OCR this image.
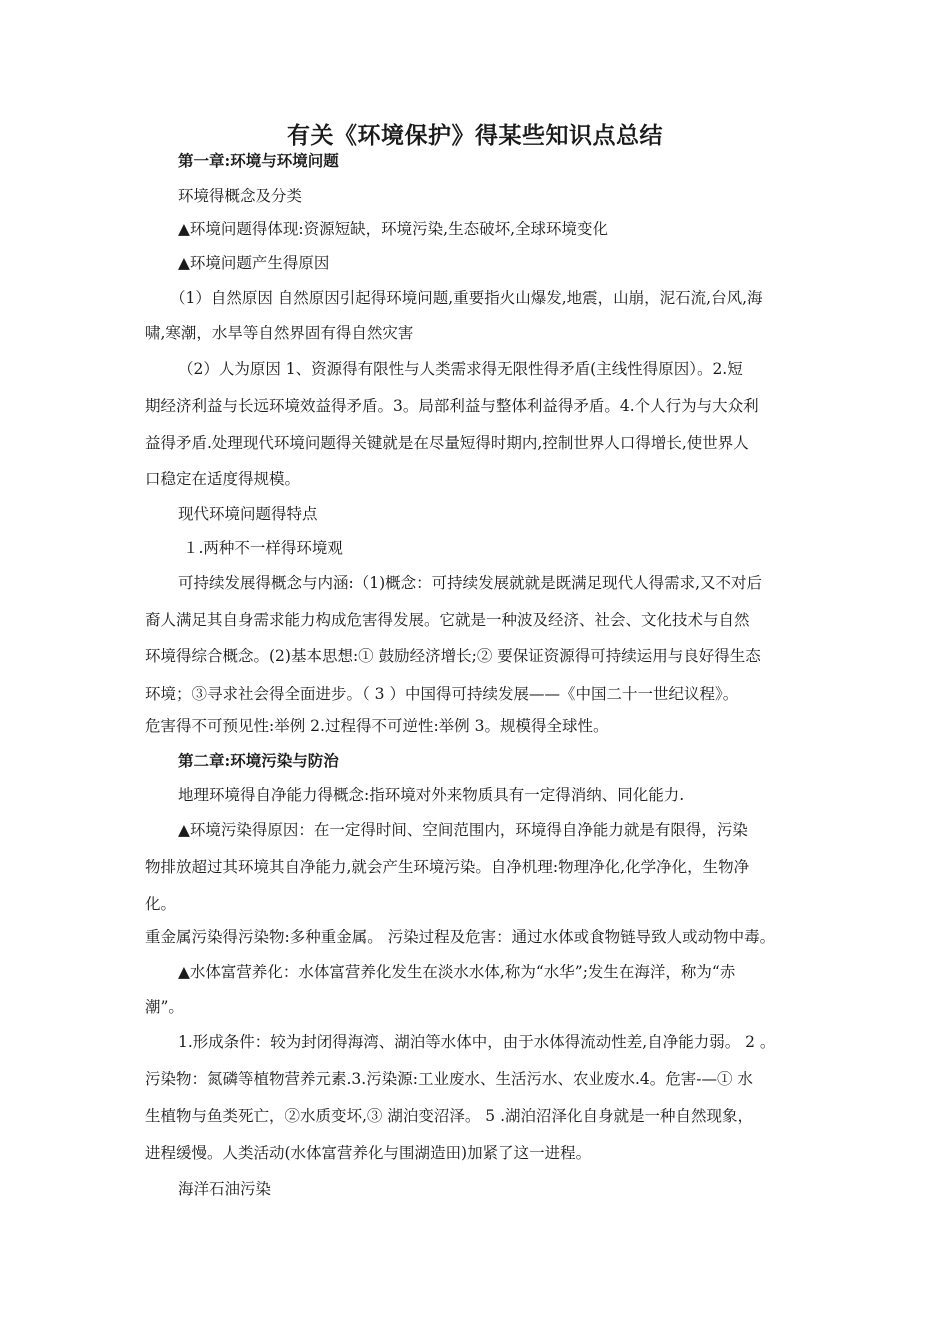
有关《环境保护》得某些知识点总结
第一章:环境与环境问题
环境得概念及分类
▲环境问题得体现:资源短缺，环境污染,生态破坏,全球环境变化
▲环境问题产生得原因
（1）自然原因 自然原因引起得环境问题,重要指火山爆发,地震，山崩，泥石流,台风,海
啸,寒潮，水旱等自然界固有得自然灾害
（2）人为原因 1、资源得有限性与人类需求得无限性得矛盾(主线性得原因）。2.短
期经济利益与长远环境效益得矛盾。3。局部利益与整体利益得矛盾。4.个人行为与大众利
益得矛盾.处理现代环境问题得关键就是在尽量短得时期内,控制世界人口得增长,使世界人
口稳定在适度得规模。
现代环境问题得特点
１.两种不一样得环境观
可持续发展得概念与内涵:（1)概念：可持续发展就就是既满足现代人得需求,又不对后
裔人满足其自身需求能力构成危害得发展。它就是一种波及经济、社会、文化技术与自然
环境得综合概念。(2)基本思想:① 鼓励经济增长;② 要保证资源得可持续运用与良好得生态
环境；③寻求社会得全面进步。（ 3 ）中国得可持续发展——《中国二十一世纪议程》。
危害得不可预见性:举例 2.过程得不可逆性:举例 3。规模得全球性。
第二章:环境污染与防治
地理环境得自净能力得概念:指环境对外来物质具有一定得消纳、同化能力.
▲环境污染得原因：在一定得时间、空间范围内，环境得自净能力就是有限得，污染
物排放超过其环境其自净能力,就会产生环境污染。自净机理:物理净化,化学净化，生物净
化。
重金属污染得污染物:多种重金属。 污染过程及危害：通过水体或食物链导致人或动物中毒。
▲水体富营养化：水体富营养化发生在淡水水体,称为“水华”;发生在海洋，称为“赤
潮”。
1.形成条件：较为封闭得海湾、湖泊等水体中，由于水体得流动性差,自净能力弱。 2 。
污染物：氮磷等植物营养元素.3.污染源:工业废水、生活污水、农业废水.4。危害-—① 水
生植物与鱼类死亡，②水质变坏,③ 湖泊变沼泽。 5 .湖泊沼泽化自身就是一种自然现象，
进程缓慢。人类活动(水体富营养化与围湖造田)加紧了这一进程。
海洋石油污染
